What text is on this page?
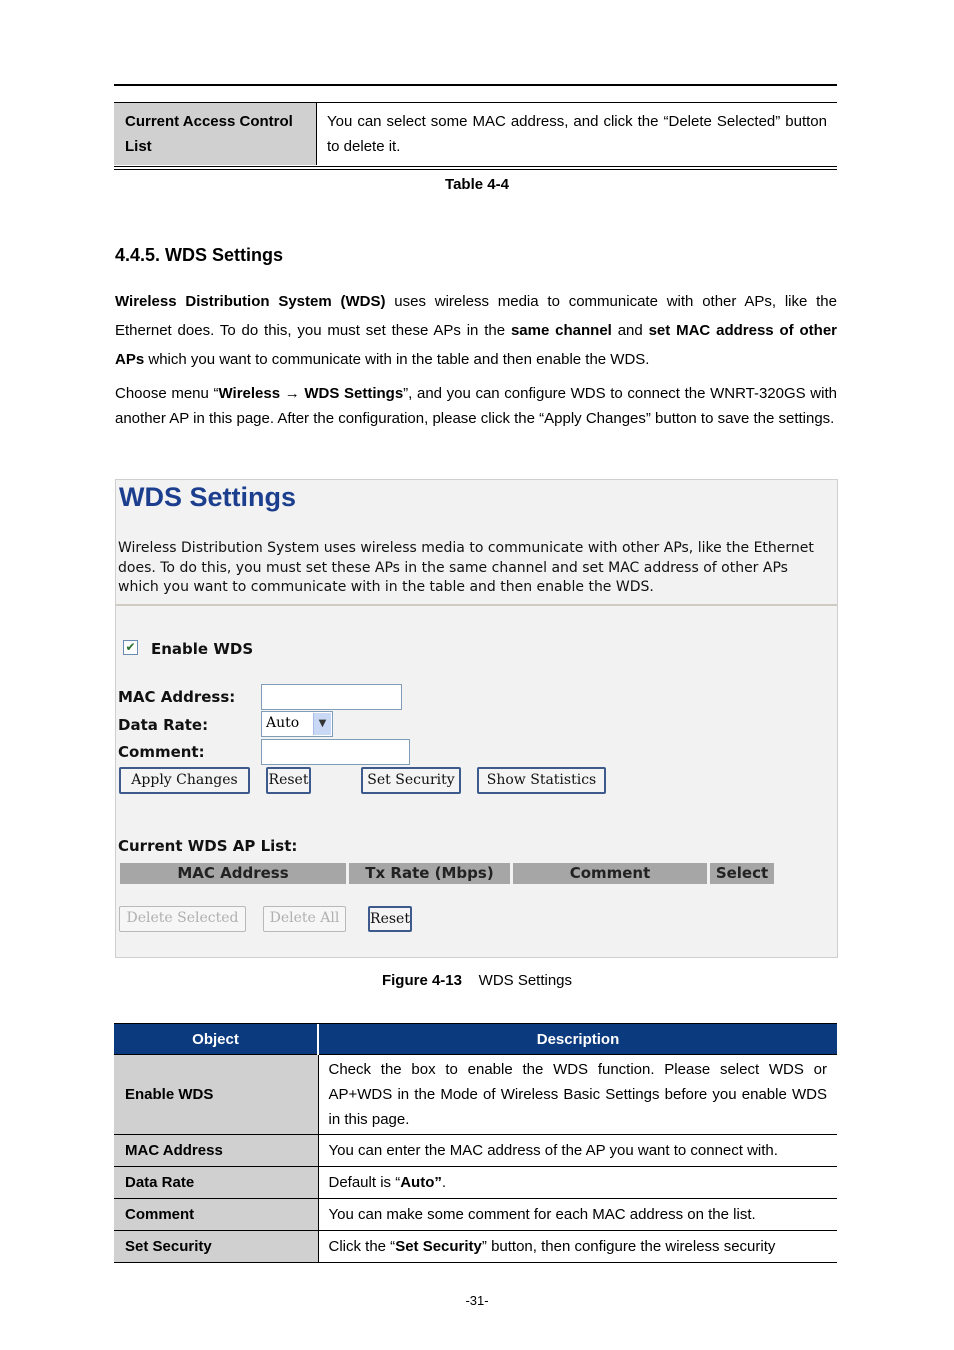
Current Access Control List	You can select some MAC address, and click the “Delete Selected” button to delete it.
Table 4-4
4.4.5. WDS Settings

Wireless Distribution System (WDS) uses wireless media to communicate with other APs, like the Ethernet does. To do this, you must set these APs in the same channel and set MAC address of other APs which you want to communicate with in the table and then enable the WDS.

Choose menu “Wireless → WDS Settings”, and you can configure WDS to connect the WNRT-320GS with another AP in this page. After the configuration, please click the “Apply Changes” button to save the settings.

WDS Settings
Wireless Distribution System uses wireless media to communicate with other APs, like the Ethernet does. To do this, you must set these APs in the same channel and set MAC address of other APs which you want to communicate with in the table and then enable the WDS.
✔ Enable WDS
MAC Address:
Data Rate:	Auto	▼
Comment:
Apply Changes	Reset	Set Security	Show Statistics
Current WDS AP List:
MAC Address	Tx Rate (Mbps)	Comment	Select
Delete Selected	Delete All	Reset
Figure 4-13 WDS Settings
Object	Description
Enable WDS	Check the box to enable the WDS function. Please select WDS or AP+WDS in the Mode of Wireless Basic Settings before you enable WDS in this page.
MAC Address	You can enter the MAC address of the AP you want to connect with.
Data Rate	Default is “Auto”.
Comment	You can make some comment for each MAC address on the list.
Set Security	Click the “Set Security” button, then configure the wireless security
-31-
